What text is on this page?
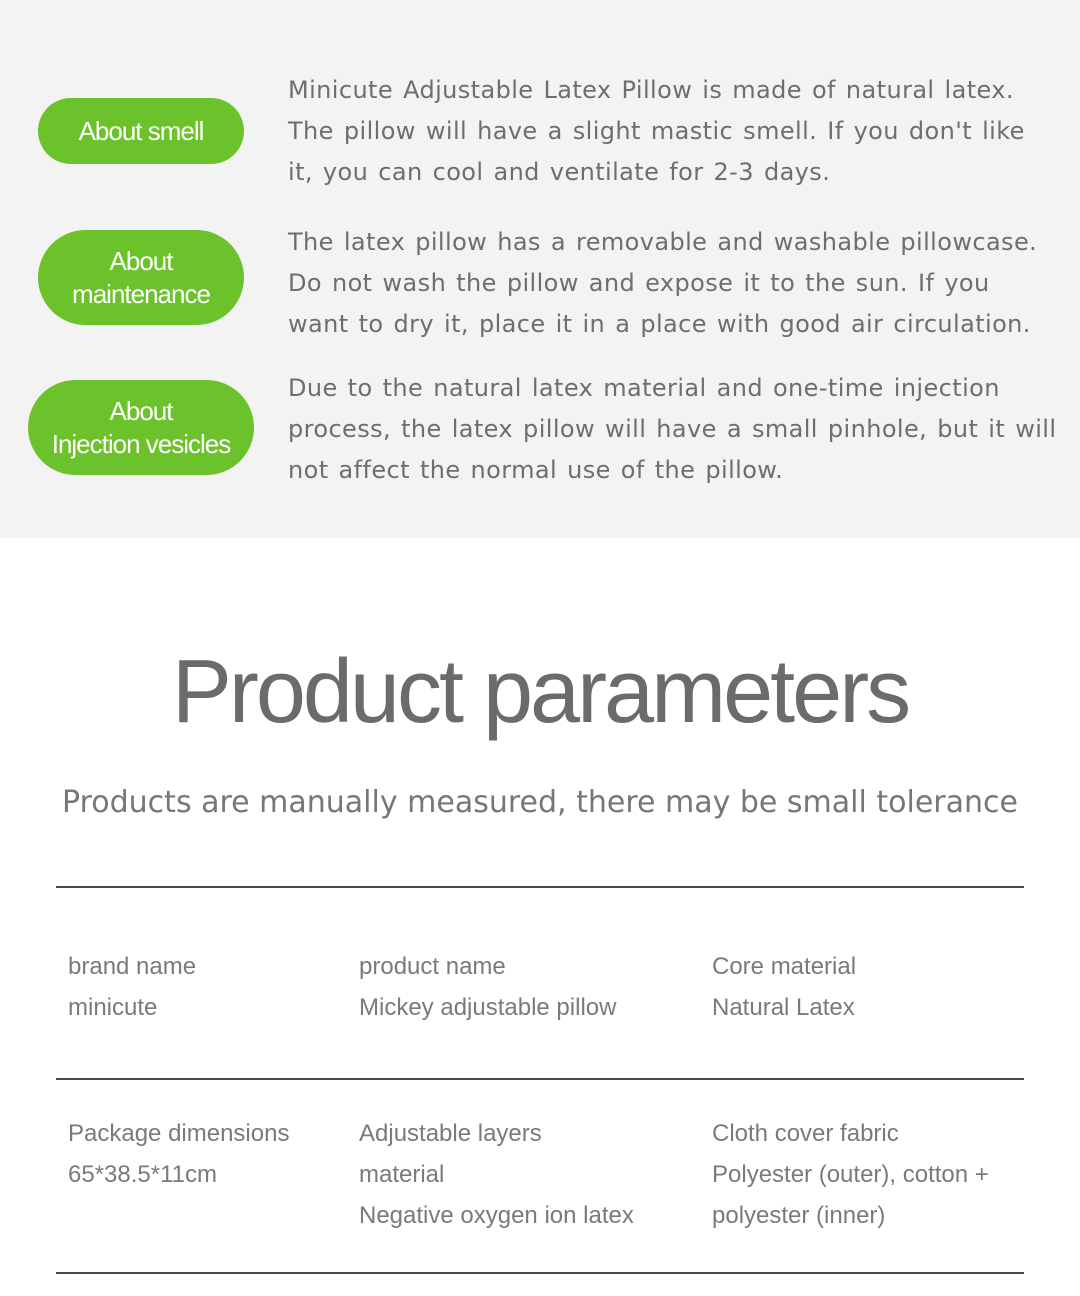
About smell
Minicute Adjustable Latex Pillow is made of natural latex. The pillow will have a slight mastic smell. If you don't like it, you can cool and ventilate for 2-3 days.
About
maintenance
The latex pillow has a removable and washable pillowcase. Do not wash the pillow and expose it to the sun. If you want to dry it, place it in a place with good air circulation.
About
Injection vesicles
Due to the natural latex material and one-time injection process, the latex pillow will have a small pinhole, but it will not affect the normal use of the pillow.
Product parameters
Products are manually measured, there may be small tolerance
brand name
minicute
product name
Mickey adjustable pillow
Core material
Natural Latex
Package dimensions
65*38.5*11cm
Adjustable layers
material
Negative oxygen ion latex
Cloth cover fabric
Polyester (outer), cotton +
polyester (inner)
